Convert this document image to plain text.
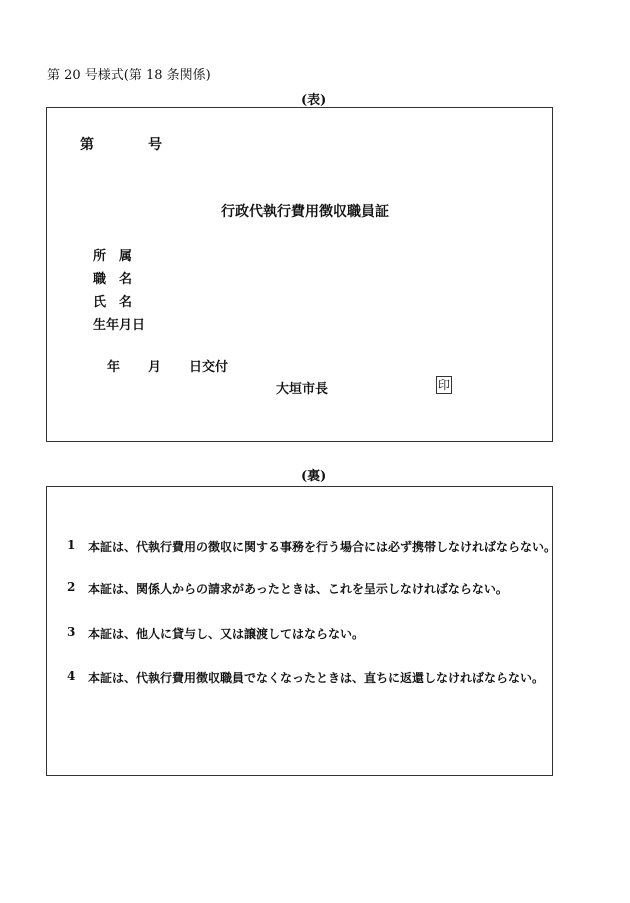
第 20 号様式(第 18 条関係)
(表)
第	号
行政代執行費用徴収職員証
所　属
職　名
氏　名
生年月日
年 月 日交付
大垣市長	印
(裏)
1 本証は、代執行費用の徴収に関する事務を行う場合には必ず携帯しなければならない。
2 本証は、関係人からの請求があったときは、これを呈示しなければならない。
3 本証は、他人に貸与し、又は譲渡してはならない。
4 本証は、代執行費用徴収職員でなくなったときは、直ちに返還しなければならない。
